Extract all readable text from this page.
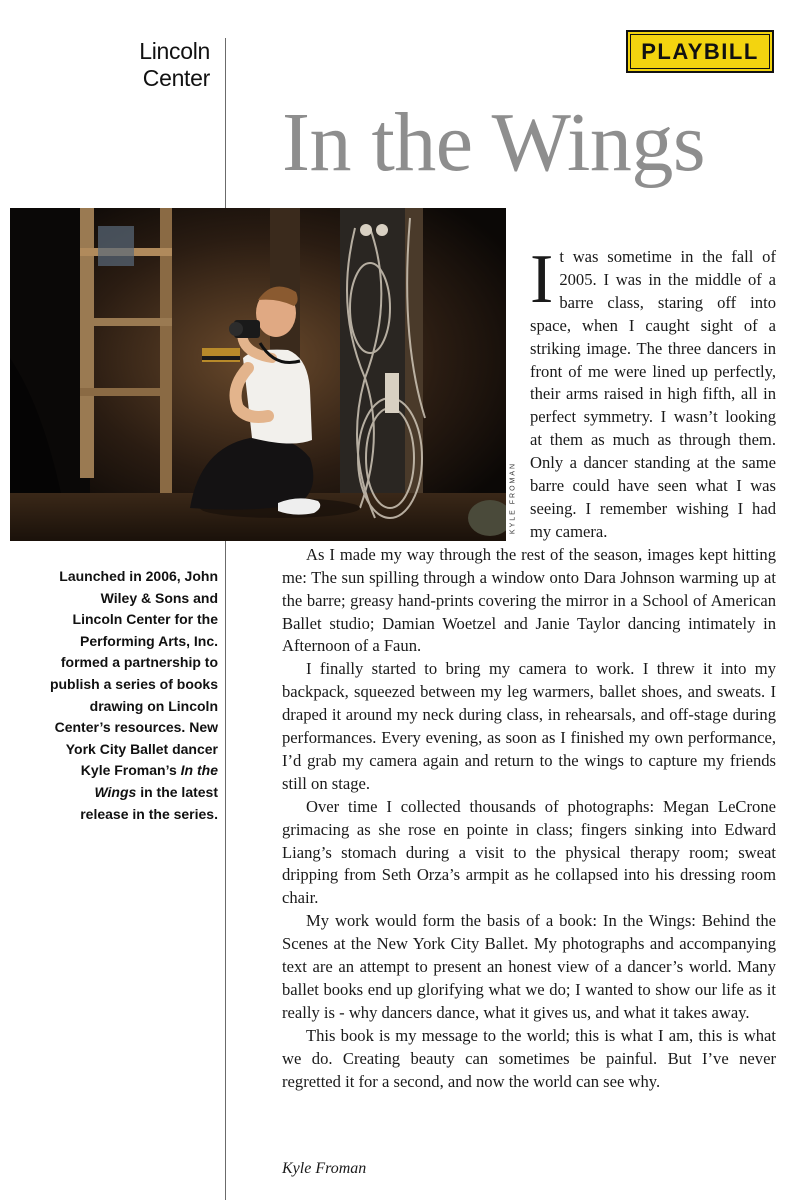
Lincoln
Center
PLAYBILL
In the Wings
KYLE FROMAN

Launched in 2006, John Wiley & Sons and Lincoln Center for the Performing Arts, Inc. formed a partnership to publish a series of books drawing on Lincoln Center’s resources. New York City Ballet dancer Kyle Froman’s In the Wings in the latest release in the series.

It was sometime in the fall of 2005. I was in the middle of a barre class, staring off into space, when I caught sight of a striking image. The three dancers in front of me were lined up perfectly, their arms raised in high fifth, all in perfect symmetry. I wasn’t looking at them as much as through them. Only a dancer standing at the same barre could have seen what I was seeing. I remember wishing I had my camera.

As I made my way through the rest of the season, images kept hitting me: The sun spilling through a window onto Dara Johnson warming up at the barre; greasy hand-prints covering the mirror in a School of American Ballet studio; Damian Woetzel and Janie Taylor dancing intimately in Afternoon of a Faun.

I finally started to bring my camera to work. I threw it into my backpack, squeezed between my leg warmers, ballet shoes, and sweats. I draped it around my neck during class, in rehearsals, and off-stage during performances. Every evening, as soon as I finished my own performance, I’d grab my camera again and return to the wings to capture my friends still on stage.

Over time I collected thousands of photographs: Megan LeCrone grimacing as she rose en pointe in class; fingers sinking into Edward Liang’s stomach during a visit to the physical therapy room; sweat dripping from Seth Orza’s armpit as he collapsed into his dressing room chair.

My work would form the basis of a book: In the Wings: Behind the Scenes at the New York City Ballet. My photographs and accompanying text are an attempt to present an honest view of a dancer’s world. Many ballet books end up glorifying what we do; I wanted to show our life as it really is - why dancers dance, what it gives us, and what it takes away.

This book is my message to the world; this is what I am, this is what we do. Creating beauty can sometimes be painful. But I’ve never regretted it for a second, and now the world can see why.

Kyle Froman
